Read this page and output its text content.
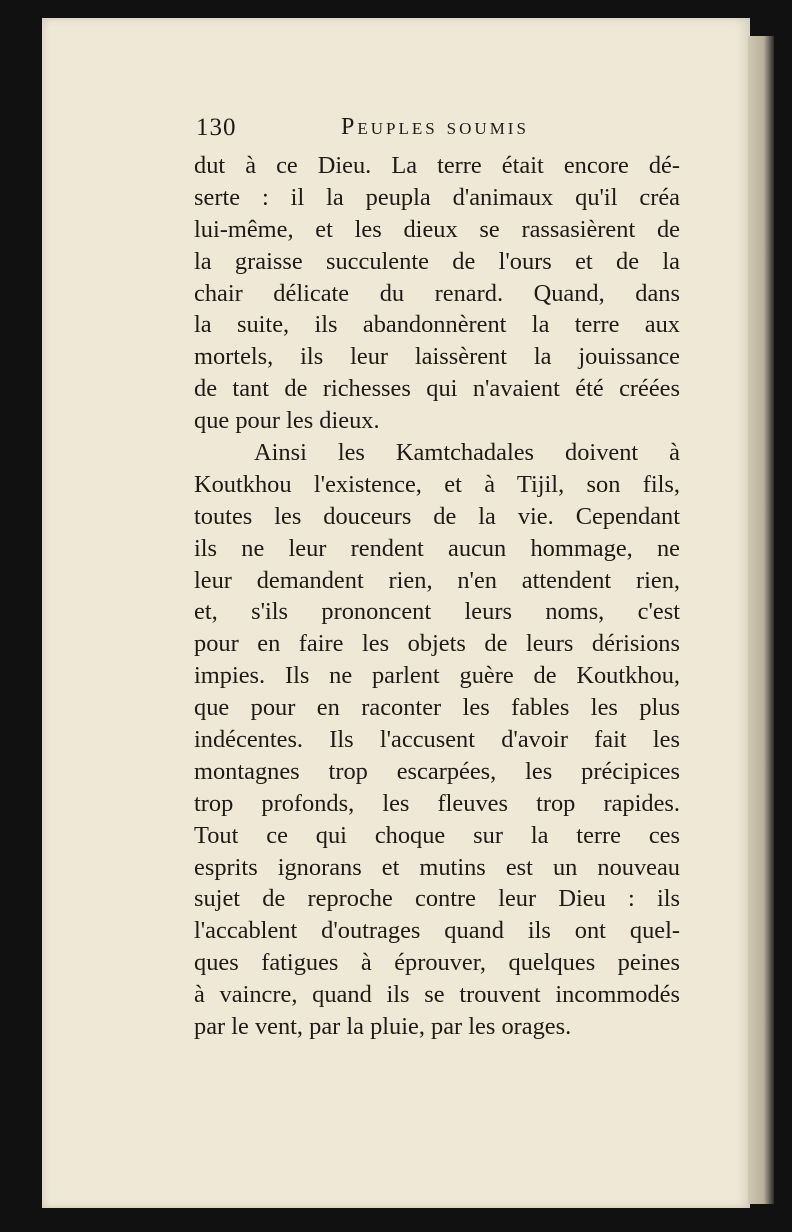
130	Peuples soumis
dut à ce Dieu. La terre était encore dé-
serte : il la peupla d'animaux qu'il créa
lui-même, et les dieux se rassasièrent de
la graisse succulente de l'ours et de la
chair délicate du renard. Quand, dans
la suite, ils abandonnèrent la terre aux
mortels, ils leur laissèrent la jouissance
de tant de richesses qui n'avaient été créées
que pour les dieux.
Ainsi les Kamtchadales doivent à
Koutkhou l'existence, et à Tijil, son fils,
toutes les douceurs de la vie. Cependant
ils ne leur rendent aucun hommage, ne
leur demandent rien, n'en attendent rien,
et, s'ils prononcent leurs noms, c'est
pour en faire les objets de leurs dérisions
impies. Ils ne parlent guère de Koutkhou,
que pour en raconter les fables les plus
indécentes. Ils l'accusent d'avoir fait les
montagnes trop escarpées, les précipices
trop profonds, les fleuves trop rapides.
Tout ce qui choque sur la terre ces
esprits ignorans et mutins est un nouveau
sujet de reproche contre leur Dieu : ils
l'accablent d'outrages quand ils ont quel-
ques fatigues à éprouver, quelques peines
à vaincre, quand ils se trouvent incommodés
par le vent, par la pluie, par les orages.
